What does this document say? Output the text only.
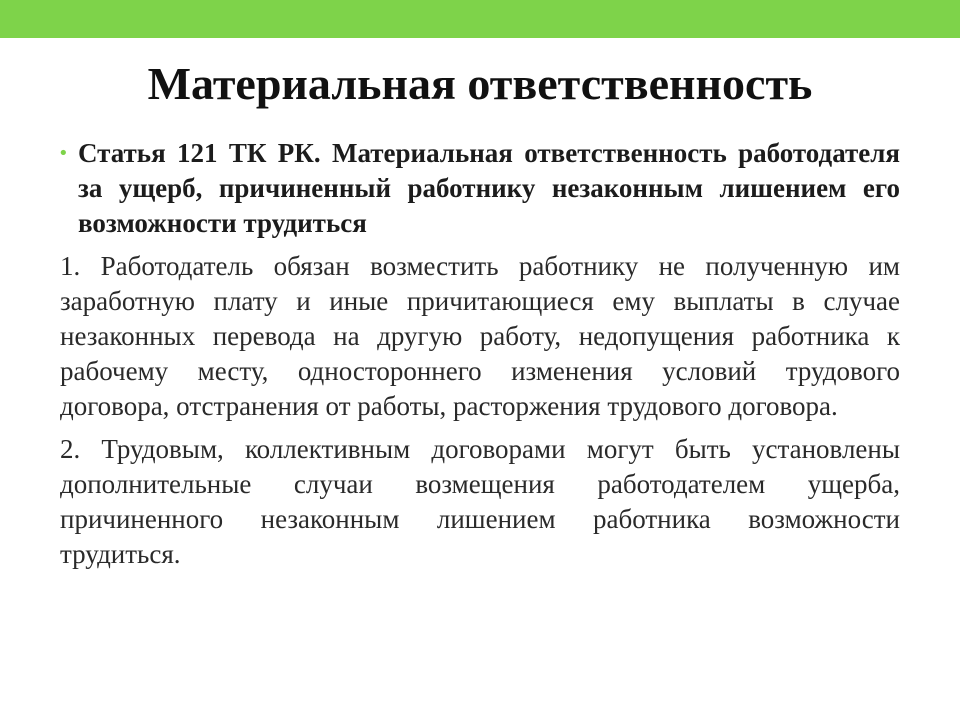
Материальная ответственность
• Статья 121 ТК РК. Материальная ответственность работодателя за ущерб, причиненный работнику незаконным лишением его возможности трудиться
1. Работодатель обязан возместить работнику не полученную им заработную плату и иные причитающиеся ему выплаты в случае незаконных перевода на другую работу, недопущения работника к рабочему месту, одностороннего изменения условий трудового договора, отстранения от работы, расторжения трудового договора.
2. Трудовым, коллективным договорами могут быть установлены дополнительные случаи возмещения работодателем ущерба, причиненного незаконным лишением работника возможности трудиться.
